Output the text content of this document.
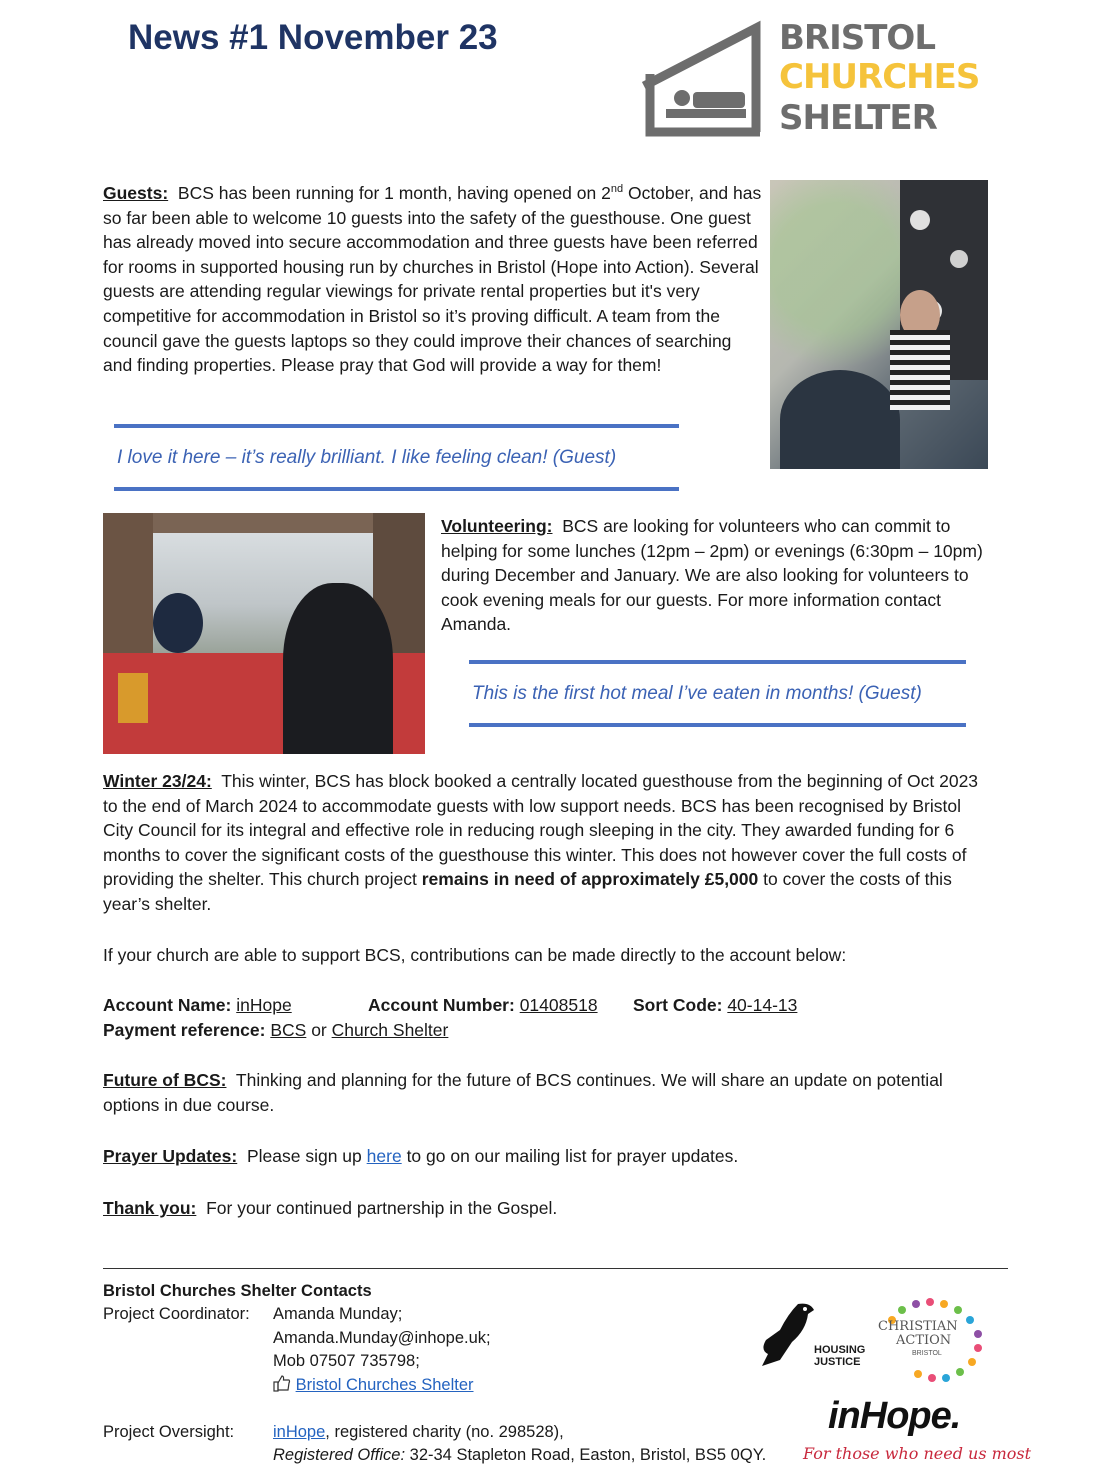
News #1 November 23	BRISTOL
CHURCHES
SHELTER
Guests: BCS has been running for 1 month, having opened on 2nd October, and has so far been able to welcome 10 guests into the safety of the guesthouse. One guest has already moved into secure accommodation and three guests have been referred for rooms in supported housing run by churches in Bristol (Hope into Action). Several guests are attending regular viewings for private rental properties but it's very competitive for accommodation in Bristol so it’s proving difficult. A team from the council gave the guests laptops so they could improve their chances of searching and finding properties. Please pray that God will provide a way for them!
I love it here – it’s really brilliant. I like feeling clean! (Guest)
Volunteering: BCS are looking for volunteers who can commit to helping for some lunches (12pm – 2pm) or evenings (6:30pm – 10pm) during December and January. We are also looking for volunteers to cook evening meals for our guests. For more information contact Amanda.
This is the first hot meal I’ve eaten in months! (Guest)
Winter 23/24: This winter, BCS has block booked a centrally located guesthouse from the beginning of Oct 2023 to the end of March 2024 to accommodate guests with low support needs. BCS has been recognised by Bristol City Council for its integral and effective role in reducing rough sleeping in the city. They awarded funding for 6 months to cover the significant costs of the guesthouse this winter. This does not however cover the full costs of providing the shelter. This church project remains in need of approximately £5,000 to cover the costs of this year’s shelter.
If your church are able to support BCS, contributions can be made directly to the account below:
Account Name: inHope	Account Number: 01408518 Sort Code: 40-14-13
Payment reference: BCS or Church Shelter
Future of BCS: Thinking and planning for the future of BCS continues. We will share an update on potential options in due course.
Prayer Updates: Please sign up here to go on our mailing list for prayer updates.
Thank you: For your continued partnership in the Gospel.
Bristol Churches Shelter Contacts
Project Coordinator: Amanda Munday;
Amanda.Munday@inhope.uk;
Mob 07507 735798;
Bristol Churches Shelter
Project Oversight: inHope, registered charity (no. 298528),
Registered Office: 32-34 Stapleton Road, Easton, Bristol, BS5 0QY.
HOUSING
JUSTICE
CHRISTIAN
ACTION
BRISTOL
inHope.
For those who need us most
